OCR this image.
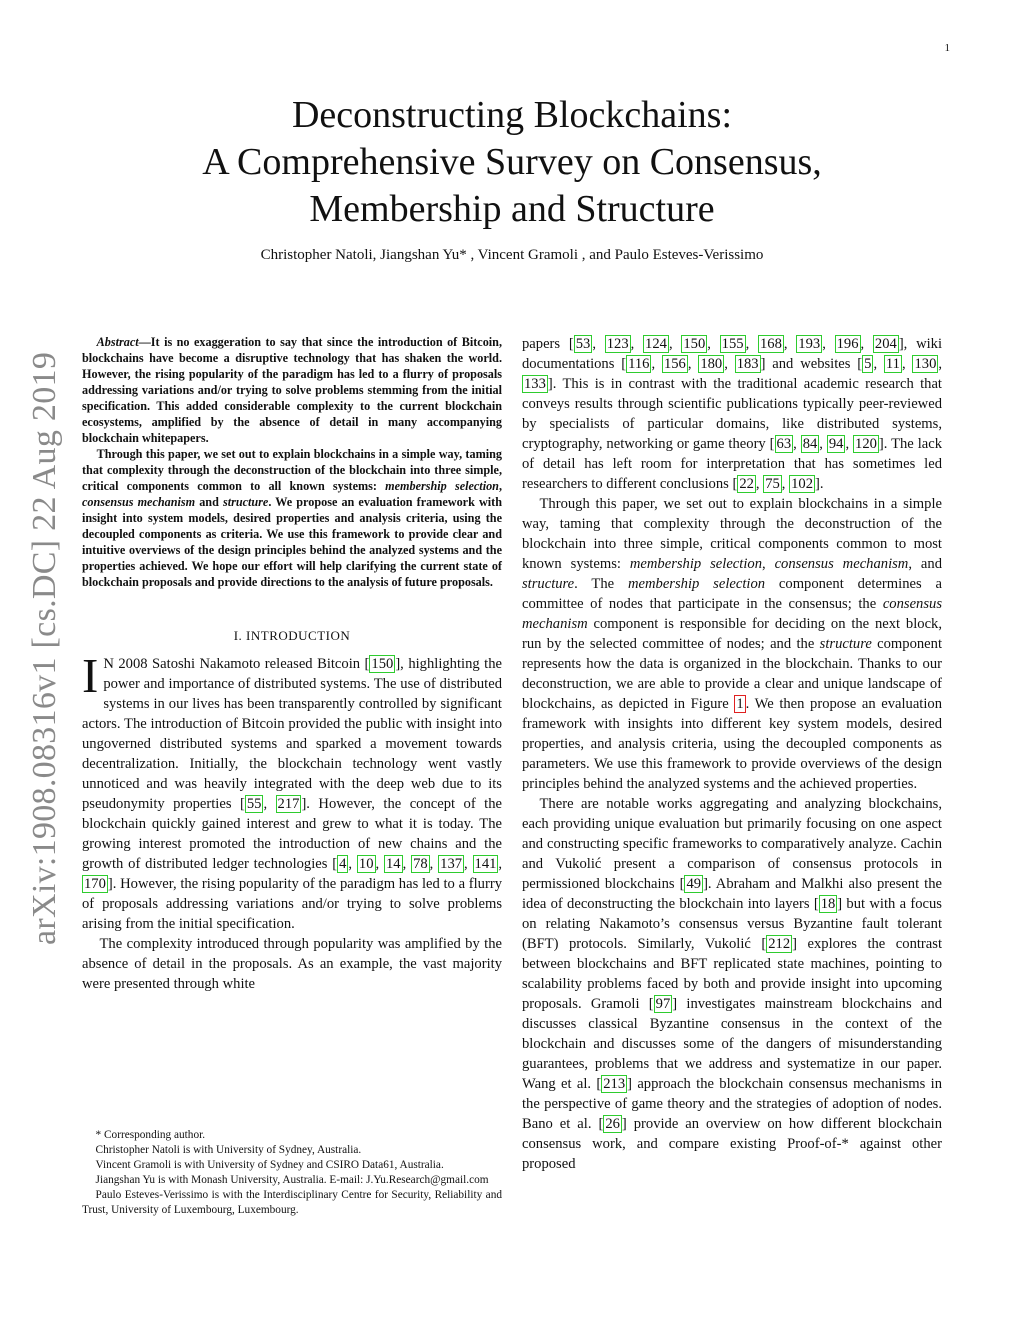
1
arXiv:1908.08316v1 [cs.DC] 22 Aug 2019
Deconstructing Blockchains:
A Comprehensive Survey on Consensus,
Membership and Structure
Christopher Natoli, Jiangshan Yu* , Vincent Gramoli , and Paulo Esteves-Verissimo

Abstract—It is no exaggeration to say that since the introduction of Bitcoin, blockchains have become a disruptive technology that has shaken the world. However, the rising popularity of the paradigm has led to a flurry of proposals addressing variations and/or trying to solve problems stemming from the initial specification. This added considerable complexity to the current blockchain ecosystems, amplified by the absence of detail in many accompanying blockchain whitepapers.

Through this paper, we set out to explain blockchains in a simple way, taming that complexity through the deconstruction of the blockchain into three simple, critical components common to all known systems: membership selection, consensus mechanism and structure. We propose an evaluation framework with insight into system models, desired properties and analysis criteria, using the decoupled components as criteria. We use this framework to provide clear and intuitive overviews of the design principles behind the analyzed systems and the properties achieved. We hope our effort will help clarifying the current state of blockchain proposals and provide directions to the analysis of future proposals.

I. INTRODUCTION

I N 2008 Satoshi Nakamoto released Bitcoin [ 150 ], highlighting the power and importance of distributed systems. The use of distributed systems in our lives has been transparently controlled by significant actors. The introduction of Bitcoin provided the public with insight into ungoverned distributed systems and sparked a movement towards decentralization. Initially, the blockchain technology went vastly unnoticed and was heavily integrated with the deep web due to its pseudonymity properties [ 55 , 217 ]. However, the concept of the blockchain quickly gained interest and grew to what it is today. The growing interest promoted the introduction of new chains and the growth of distributed ledger technologies [ 4 , 10 , 14 , 78 , 137 , 141 , 170 ]. However, the rising popularity of the paradigm has led to a flurry of proposals addressing variations and/or trying to solve problems arising from the initial specification.

The complexity introduced through popularity was amplified by the absence of detail in the proposals. As an example, the vast majority were presented through white

* Corresponding author.

Christopher Natoli is with University of Sydney, Australia.

Vincent Gramoli is with University of Sydney and CSIRO Data61, Australia.

Jiangshan Yu is with Monash University, Australia. E-mail: J.Yu.Research@gmail.com

Paulo Esteves-Verissimo is with the Interdisciplinary Centre for Security, Reliability and Trust, University of Luxembourg, Luxembourg.

papers [ 53 , 123 , 124 , 150 , 155 , 168 , 193 , 196 , 204 ], wiki documentations [ 116 , 156 , 180 , 183 ] and websites [ 5 , 11 , 130 , 133 ]. This is in contrast with the traditional academic research that conveys results through scientific publications typically peer-reviewed by specialists of particular domains, like distributed systems, cryptography, networking or game theory [ 63 , 84 , 94 , 120 ]. The lack of detail has left room for interpretation that has sometimes led researchers to different conclusions [ 22 , 75 , 102 ].

Through this paper, we set out to explain blockchains in a simple way, taming that complexity through the deconstruction of the blockchain into three simple, critical components common to most known systems: membership selection, consensus mechanism, and structure. The membership selection component determines a committee of nodes that participate in the consensus; the consensus mechanism component is responsible for deciding on the next block, run by the selected committee of nodes; and the structure component represents how the data is organized in the blockchain. Thanks to our deconstruction, we are able to provide a clear and unique landscape of blockchains, as depicted in Figure 1 . We then propose an evaluation framework with insights into different key system models, desired properties, and analysis criteria, using the decoupled components as parameters. We use this framework to provide overviews of the design principles behind the analyzed systems and the achieved properties.

There are notable works aggregating and analyzing blockchains, each providing unique evaluation but primarily focusing on one aspect and constructing specific frameworks to comparatively analyze. Cachin and Vukolić present a comparison of consensus protocols in permissioned blockchains [ 49 ]. Abraham and Malkhi also present the idea of deconstructing the blockchain into layers [ 18 ] but with a focus on relating Nakamoto’s consensus versus Byzantine fault tolerant (BFT) protocols. Similarly, Vukolić [ 212 ] explores the contrast between blockchains and BFT replicated state machines, pointing to scalability problems faced by both and provide insight into upcoming proposals. Gramoli [ 97 ] investigates mainstream blockchains and discusses classical Byzantine consensus in the context of the blockchain and discusses some of the dangers of misunderstanding guarantees, problems that we address and systematize in our paper. Wang et al. [ 213 ] approach the blockchain consensus mechanisms in the perspective of game theory and the strategies of adoption of nodes. Bano et al. [ 26 ] provide an overview on how different blockchain consensus work, and compare existing Proof-of-* against other proposed
